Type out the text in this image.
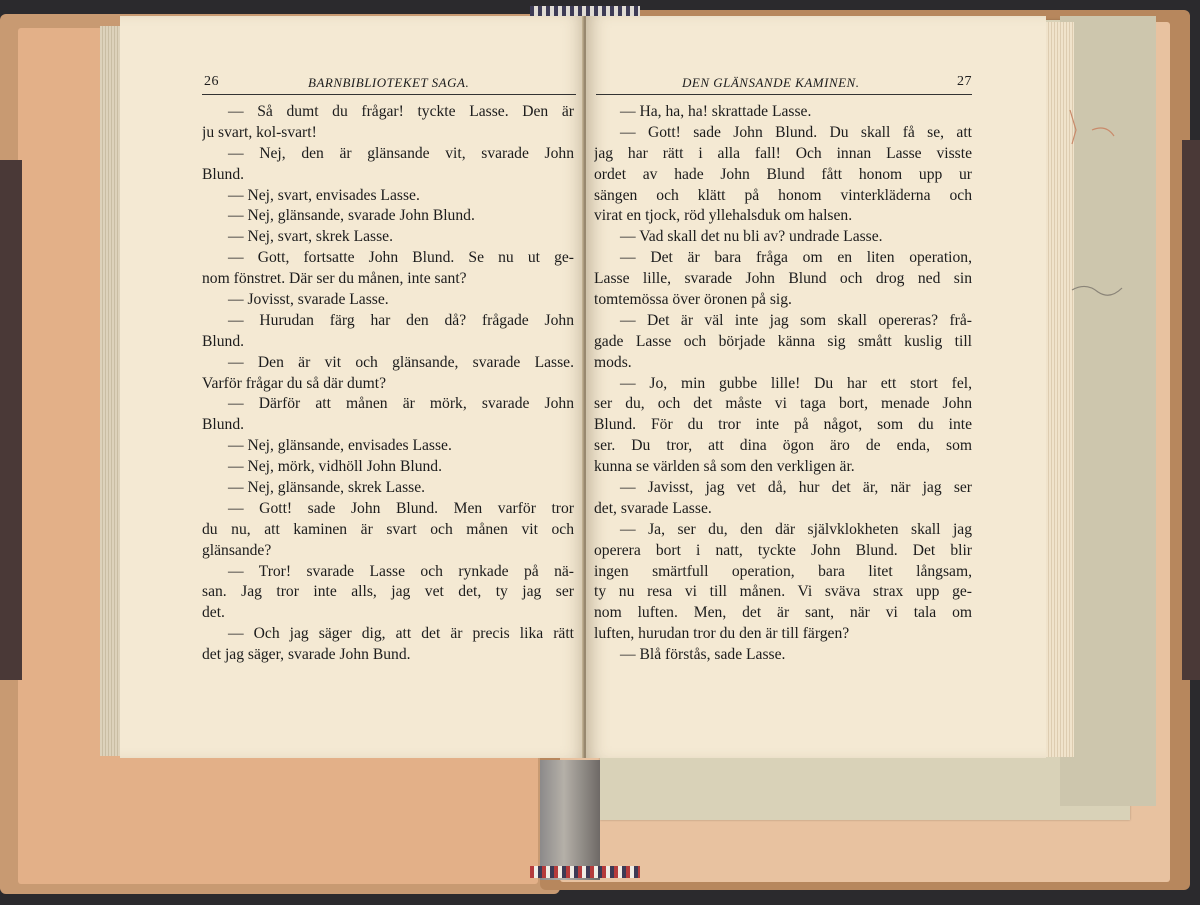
26	BARNBIBLIOTEKET SAGA.
— Så dumt du frågar! tyckte Lasse. Den är
ju svart, kol-svart!
— Nej, den är glänsande vit, svarade John
Blund.
— Nej, svart, envisades Lasse.
— Nej, glänsande, svarade John Blund.
— Nej, svart, skrek Lasse.
— Gott, fortsatte John Blund. Se nu ut ge-
nom fönstret. Där ser du månen, inte sant?
— Jovisst, svarade Lasse.
— Hurudan färg har den då? frågade John
Blund.
— Den är vit och glänsande, svarade Lasse.
Varför frågar du så där dumt?
— Därför att månen är mörk, svarade John
Blund.
— Nej, glänsande, envisades Lasse.
— Nej, mörk, vidhöll John Blund.
— Nej, glänsande, skrek Lasse.
— Gott! sade John Blund. Men varför tror
du nu, att kaminen är svart och månen vit och
glänsande?
— Tror! svarade Lasse och rynkade på nä-
san. Jag tror inte alls, jag vet det, ty jag ser
det.
— Och jag säger dig, att det är precis lika rätt
det jag säger, svarade John Bund.
DEN GLÄNSANDE KAMINEN.	27
— Ha, ha, ha! skrattade Lasse.
— Gott! sade John Blund. Du skall få se, att
jag har rätt i alla fall! Och innan Lasse visste
ordet av hade John Blund fått honom upp ur
sängen och klätt på honom vinterkläderna och
virat en tjock, röd yllehalsduk om halsen.
— Vad skall det nu bli av? undrade Lasse.
— Det är bara fråga om en liten operation,
Lasse lille, svarade John Blund och drog ned sin
tomtemössa över öronen på sig.
— Det är väl inte jag som skall opereras? frå-
gade Lasse och började känna sig smått kuslig till
mods.
— Jo, min gubbe lille! Du har ett stort fel,
ser du, och det måste vi taga bort, menade John
Blund. För du tror inte på något, som du inte
ser. Du tror, att dina ögon äro de enda, som
kunna se världen så som den verkligen är.
— Javisst, jag vet då, hur det är, när jag ser
det, svarade Lasse.
— Ja, ser du, den där självklokheten skall jag
operera bort i natt, tyckte John Blund. Det blir
ingen smärtfull operation, bara litet långsam,
ty nu resa vi till månen. Vi sväva strax upp ge-
nom luften. Men, det är sant, när vi tala om
luften, hurudan tror du den är till färgen?
— Blå förstås, sade Lasse.
